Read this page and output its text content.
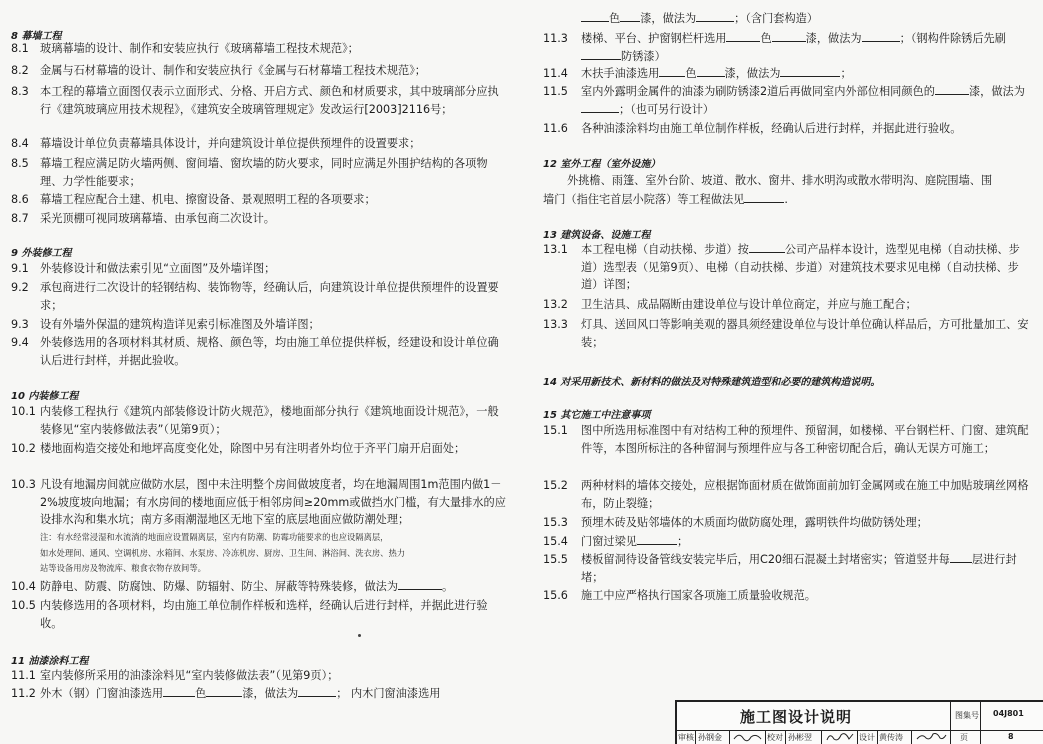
8 幕墙工程
8.1	玻璃幕墙的设计、制作和安装应执行《玻璃幕墙工程技术规范》；

8.2	金属与石材幕墙的设计、制作和安装应执行《金属与石材幕墙工程技术规范》；

8.3	本工程的幕墙立面图仅表示立面形式、分格、开启方式、颜色和材质要求，其中玻璃部分应执行《建筑玻璃应用技术规程》，《建筑安全玻璃管理规定》发改运行[2003]2116号；

8.4	幕墙设计单位负责幕墙具体设计，并向建筑设计单位提供预埋件的设置要求；

8.5	幕墙工程应满足防火墙两侧、窗间墙、窗坎墙的防火要求，同时应满足外围护结构的各项物理、力学性能要求；

8.6	幕墙工程应配合土建、机电、擦窗设备、景观照明工程的各项要求；

8.7	采光顶棚可视同玻璃幕墙、由承包商二次设计。

9 外装修工程
9.1	外装修设计和做法索引见“立面图”及外墙详图；

9.2	承包商进行二次设计的轻钢结构、装饰物等，经确认后，向建筑设计单位提供预埋件的设置要求；

9.3	设有外墙外保温的建筑构造详见索引标准图及外墙详图；

9.4	外装修选用的各项材料其材质、规格、颜色等，均由施工单位提供样板，经建设和设计单位确认后进行封样，并据此验收。

10 内装修工程
10.1 内装修工程执行《建筑内部装修设计防火规范》，楼地面部分执行《建筑地面设计规范》，一般装修见“室内装修做法表”（见第9页）；

10.2 楼地面构造交接处和地坪高度变化处，除图中另有注明者外均位于齐平门扇开启面处；

10.3 凡设有地漏房间就应做防水层，图中未注明整个房间做坡度者，均在地漏周围1m范围内做1－2%坡度坡向地漏；有水房间的楼地面应低于相邻房间≥20mm或做挡水门槛，有大量排水的应设排水沟和集水坑；南方多雨潮湿地区无地下室的底层地面应做防潮处理；

注：有水经常浸湿和水流淌的地面应设置隔离层，室内有防潮、防霉功能要求的也应设隔离层，
如水处理间、通风、空调机房、水箱间、水泵房、冷冻机房、厨房、卫生间、淋浴间、洗衣房、热力
站等设备用房及物流库、粮食衣物存放间等。
10.4 防静电、防震、防腐蚀、防爆、防辐射、防尘、屏蔽等特殊装修，做法为	。

10.5 内装修选用的各项材料，均由施工单位制作样板和选样，经确认后进行封样，并据此进行验收。

11 油漆涂料工程
11.1 室内装修所采用的油漆涂料见“室内装修做法表”（见第9页）；

11.2 外木（钢）门窗油漆选用	色	漆，做法为	； 内木门窗油漆选用

色 漆，做法为	；（含门套构造）

11.3	楼梯、平台、护窗钢栏杆选用	色	漆，做法为	；（钢构件除锈后先刷防锈漆）

11.4	木扶手油漆选用 色	漆，做法为	；

11.5	室内外露明金属件的油漆为刷防锈漆2道后再做同室内外部位相同颜色的	漆，做法为；（也可另行设计）

11.6	各种油漆涂料均由施工单位制作样板，经确认后进行封样，并据此进行验收。

12 室外工程（室外设施）
外挑檐、雨篷、室外台阶、坡道、散水、窗井、排水明沟或散水带明沟、庭院围墙、围
墙门（指住宅首层小院落）等工程做法见	.
13 建筑设备、设施工程
13.1	本工程电梯（自动扶梯、步道）按	公司产品样本设计，选型见电梯（自动扶梯、步道）选型表（见第9页）、电梯（自动扶梯、步道）对建筑技术要求见电梯（自动扶梯、步道）详图；

13.2	卫生洁具、成品隔断由建设单位与设计单位商定，并应与施工配合；

13.3	灯具、送回风口等影响美观的器具须经建设单位与设计单位确认样品后，方可批量加工、安装；

14 对采用新技术、新材料的做法及对特殊建筑造型和必要的建筑构造说明。
15 其它施工中注意事项
15.1	图中所选用标准图中有对结构工种的预埋件、预留洞，如楼梯、平台钢栏杆、门窗、建筑配件等，本图所标注的各种留洞与预埋件应与各工种密切配合后，确认无误方可施工；

15.2	两种材料的墙体交接处，应根据饰面材质在做饰面前加钉金属网或在施工中加贴玻璃丝网格布，防止裂缝；

15.3	预埋木砖及贴邻墙体的木质面均做防腐处理，露明铁件均做防锈处理；

15.4	门窗过梁见	；

15.5	楼板留洞待设备管线安装完毕后，用C20细石混凝土封堵密实；管道竖井每 层进行封堵；

15.6	施工中应严格执行国家各项施工质量验收规范。

施工图设计说明	图集号 04J801
页	8
审核 孙钢金	校对 孙彬翌	设计 黄传涛
